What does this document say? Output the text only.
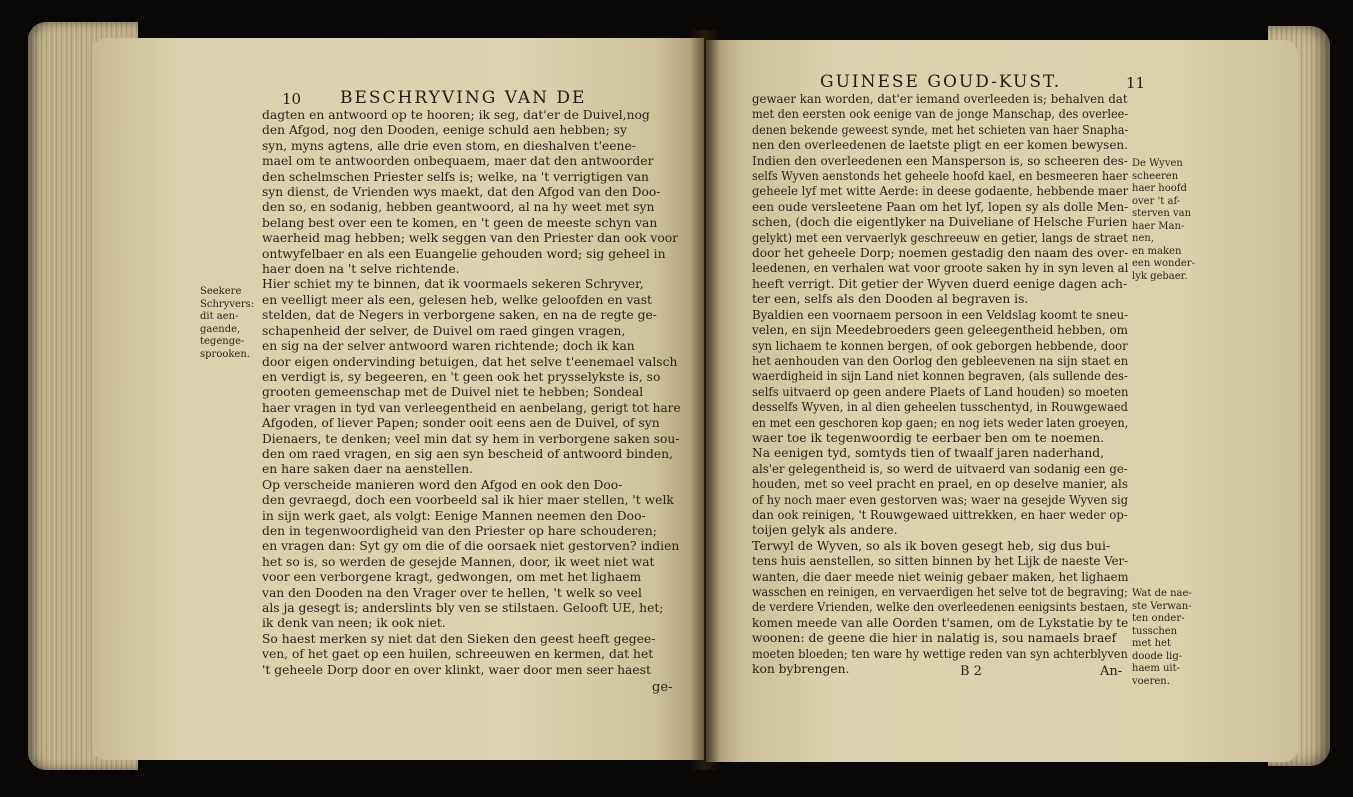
10 BESCHRYVING VAN DE
dagten en antwoord op te hooren; ik seg, dat'er de Duivel,nog
den Afgod, nog den Dooden, eenige schuld aen hebben; sy
syn, myns agtens, alle drie even stom, en dieshalven t'eene-
mael om te antwoorden onbequaem, maer dat den antwoorder
den schelmschen Priester selfs is; welke, na 't verrigtigen van
syn dienst, de Vrienden wys maekt, dat den Afgod van den Doo-
den so, en sodanig, hebben geantwoord, al na hy weet met syn
belang best over een te komen, en 't geen de meeste schyn van
waerheid mag hebben; welk seggen van den Priester dan ook voor
ontwyfelbaer en als een Euangelie gehouden word; sig geheel in
haer doen na 't selve richtende.
Hier schiet my te binnen, dat ik voormaels sekeren Schryver,
en veelligt meer als een, gelesen heb, welke geloofden en vast
stelden, dat de Negers in verborgene saken, en na de regte ge-
schapenheid der selver, de Duivel om raed gingen vragen,
en sig na der selver antwoord waren richtende; doch ik kan
door eigen ondervinding betuigen, dat het selve t'eenemael valsch
en verdigt is, sy begeeren, en 't geen ook het prysselykste is, so
grooten gemeenschap met de Duivel niet te hebben; Sondeal
haer vragen in tyd van verleegentheid en aenbelang, gerigt tot hare
Afgoden, of liever Papen; sonder ooit eens aen de Duivel, of syn
Dienaers, te denken; veel min dat sy hem in verborgene saken sou-
den om raed vragen, en sig aen syn bescheid of antwoord binden,
en hare saken daer na aenstellen.
Op verscheide manieren word den Afgod en ook den Doo-
den gevraegd, doch een voorbeeld sal ik hier maer stellen, 't welk
in sijn werk gaet, als volgt: Eenige Mannen neemen den Doo-
den in tegenwoordigheid van den Priester op hare schouderen;
en vragen dan: Syt gy om die of die oorsaek niet gestorven? indien
het so is, so werden de gesejde Mannen, door, ik weet niet wat
voor een verborgene kragt, gedwongen, om met het lighaem
van den Dooden na den Vrager over te hellen, 't welk so veel
als ja gesegt is; anderslints bly ven se stilstaen. Gelooft UE, het;
ik denk van neen; ik ook niet.
So haest merken sy niet dat den Sieken den geest heeft gegee-
ven, of het gaet op een huilen, schreeuwen en kermen, dat het
't geheele Dorp door en over klinkt, waer door men seer haest
Seekere
Schryvers:
dit aen-
gaende,
tegenge-
sprooken.
ge-
GUINESE GOUD-KUST.	11
gewaer kan worden, dat'er iemand overleeden is; behalven dat
met den eersten ook eenige van de jonge Manschap, des overlee-
denen bekende geweest synde, met het schieten van haer Snapha-
nen den overleedenen de laetste pligt en eer komen bewysen.
Indien den overleedenen een Mansperson is, so scheeren des-
selfs Wyven aenstonds het geheele hoofd kael, en besmeeren haer
geheele lyf met witte Aerde: in deese godaente, hebbende maer
een oude versleetene Paan om het lyf, lopen sy als dolle Men-
schen, (doch die eigentlyker na Duiveliane of Helsche Furien
gelykt) met een vervaerlyk geschreeuw en getier, langs de straet
door het geheele Dorp; noemen gestadig den naam des over-
leedenen, en verhalen wat voor groote saken hy in syn leven al
heeft verrigt. Dit getier der Wyven duerd eenige dagen ach-
ter een, selfs als den Dooden al begraven is.
Byaldien een voornaem persoon in een Veldslag koomt te sneu-
velen, en sijn Meedebroeders geen geleegentheid hebben, om
syn lichaem te konnen bergen, of ook geborgen hebbende, door
het aenhouden van den Oorlog den gebleevenen na sijn staet en
waerdigheid in sijn Land niet konnen begraven, (als sullende des-
selfs uitvaerd op geen andere Plaets of Land houden) so moeten
desselfs Wyven, in al dien geheelen tusschentyd, in Rouwgewaed
en met een geschoren kop gaen; en nog iets weder laten groeyen,
waer toe ik tegenwoordig te eerbaer ben om te noemen.
Na eenigen tyd, somtyds tien of twaalf jaren naderhand,
als'er gelegentheid is, so werd de uitvaerd van sodanig een ge-
houden, met so veel pracht en prael, en op deselve manier, als
of hy noch maer even gestorven was; waer na gesejde Wyven sig
dan ook reinigen, 't Rouwgewaed uittrekken, en haer weder op-
toijen gelyk als andere.
Terwyl de Wyven, so als ik boven gesegt heb, sig dus bui-
tens huis aenstellen, so sitten binnen by het Lijk de naeste Ver-
wanten, die daer meede niet weinig gebaer maken, het lighaem
wasschen en reinigen, en vervaerdigen het selve tot de begraving;
de verdere Vrienden, welke den overleedenen eenigsints bestaen,
komen meede van alle Oorden t'samen, om de Lykstatie by te
woonen: de geene die hier in nalatig is, sou namaels braef
moeten bloeden; ten ware hy wettige reden van syn achterblyven
kon bybrengen.
De Wyven
scheeren
haer hoofd
over 't af-
sterven van
haer Man-
nen,
en maken
een wonder-
lyk gebaer.
Wat de nae-
ste Verwan-
ten onder-
tusschen
met het
doode lig-
haem uit-
voeren.
B 2	An-
